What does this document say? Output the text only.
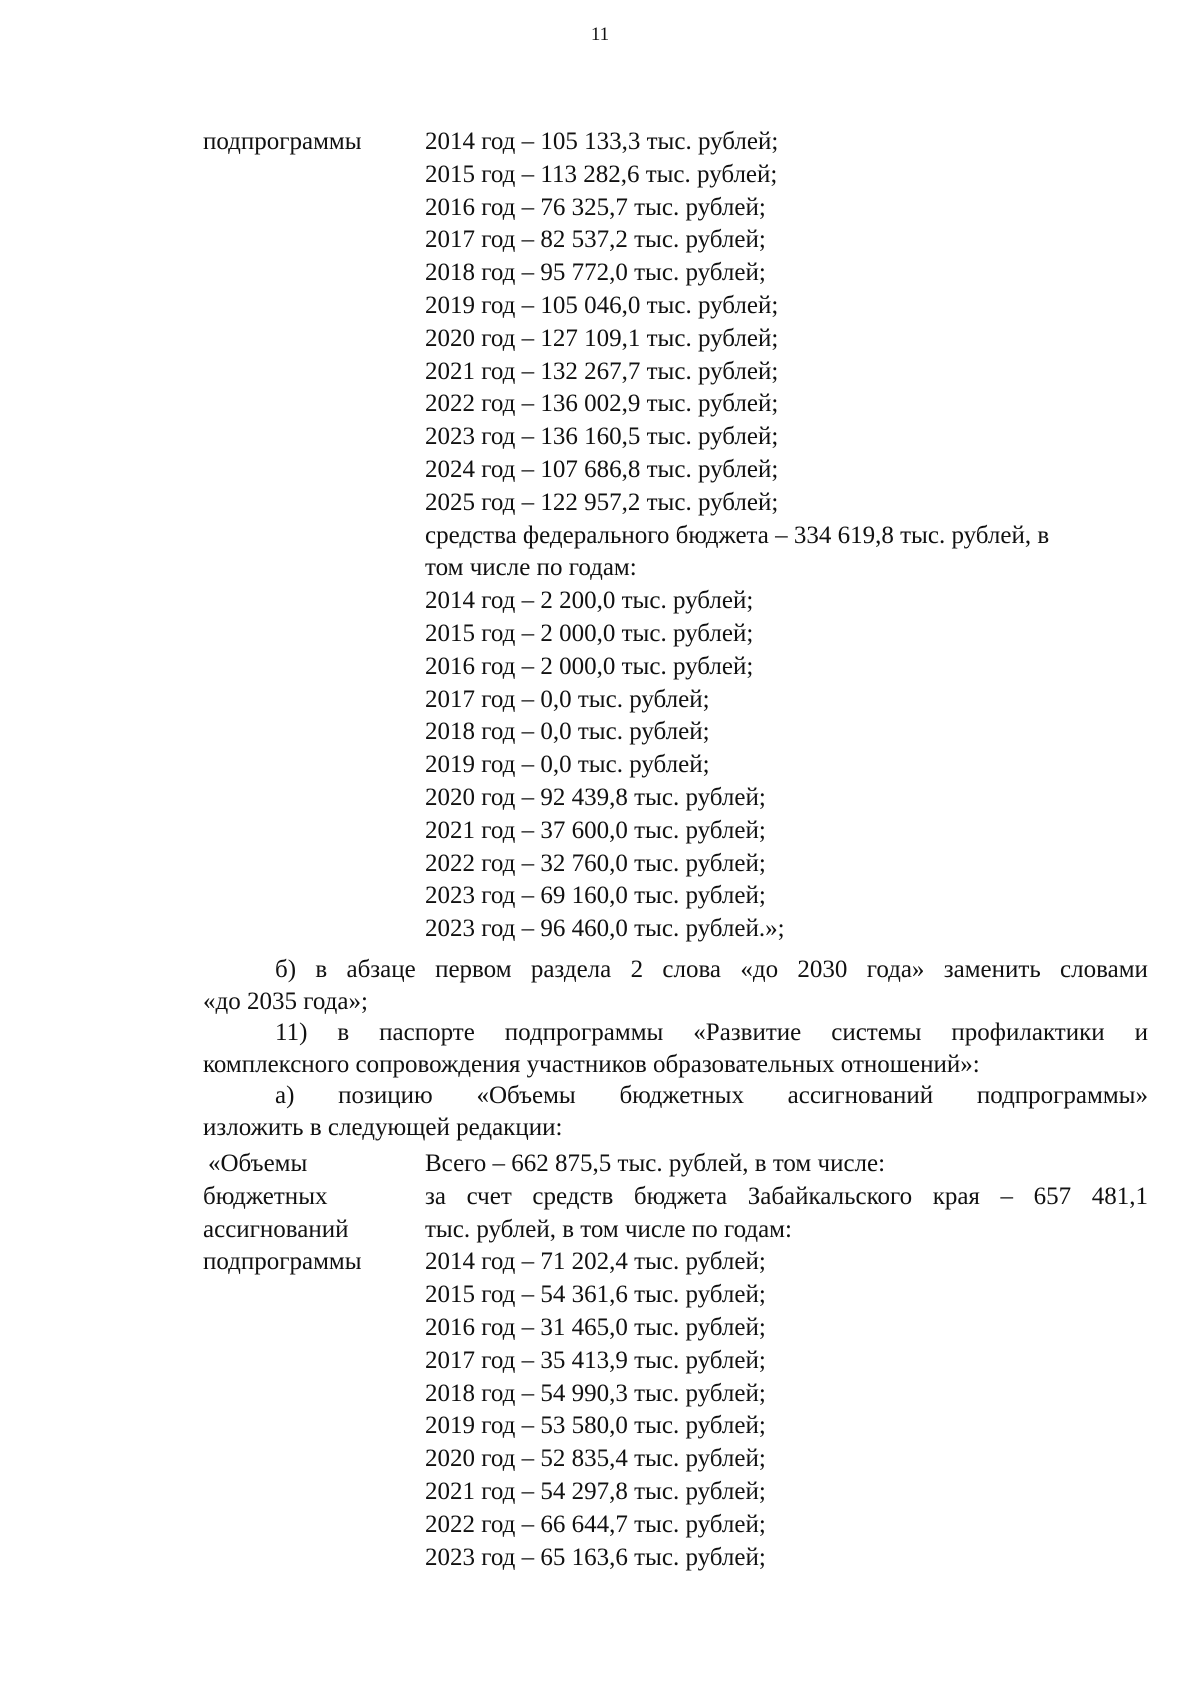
11
подпрограммы	2014 год – 105 133,3 тыс. рублей;
2015 год – 113 282,6 тыс. рублей;
2016 год – 76 325,7 тыс. рублей;
2017 год – 82 537,2 тыс. рублей;
2018 год – 95 772,0 тыс. рублей;
2019 год – 105 046,0 тыс. рублей;
2020 год – 127 109,1 тыс. рублей;
2021 год – 132 267,7 тыс. рублей;
2022 год – 136 002,9 тыс. рублей;
2023 год – 136 160,5 тыс. рублей;
2024 год – 107 686,8 тыс. рублей;
2025 год – 122 957,2 тыс. рублей;
средства федерального бюджета – 334 619,8 тыс. рублей, в
том числе по годам:
2014 год – 2 200,0 тыс. рублей;
2015 год – 2 000,0 тыс. рублей;
2016 год – 2 000,0 тыс. рублей;
2017 год – 0,0 тыс. рублей;
2018 год – 0,0 тыс. рублей;
2019 год – 0,0 тыс. рублей;
2020 год – 92 439,8 тыс. рублей;
2021 год – 37 600,0 тыс. рублей;
2022 год – 32 760,0 тыс. рублей;
2023 год – 69 160,0 тыс. рублей;
2023 год – 96 460,0 тыс. рублей.»;
б) в абзаце первом раздела 2 слова «до 2030 года» заменить словами
«до 2035 года»;
11) в паспорте подпрограммы «Развитие системы профилактики и
комплексного сопровождения участников образовательных отношений»:
а) позицию «Объемы бюджетных ассигнований подпрограммы»
изложить в следующей редакции:
«Объемы	Всего – 662 875,5 тыс. рублей, в том числе:
бюджетных	за счет средств бюджета Забайкальского края – 657 481,1
ассигнований	тыс. рублей, в том числе по годам:
подпрограммы	2014 год – 71 202,4 тыс. рублей;
2015 год – 54 361,6 тыс. рублей;
2016 год – 31 465,0 тыс. рублей;
2017 год – 35 413,9 тыс. рублей;
2018 год – 54 990,3 тыс. рублей;
2019 год – 53 580,0 тыс. рублей;
2020 год – 52 835,4 тыс. рублей;
2021 год – 54 297,8 тыс. рублей;
2022 год – 66 644,7 тыс. рублей;
2023 год – 65 163,6 тыс. рублей;
